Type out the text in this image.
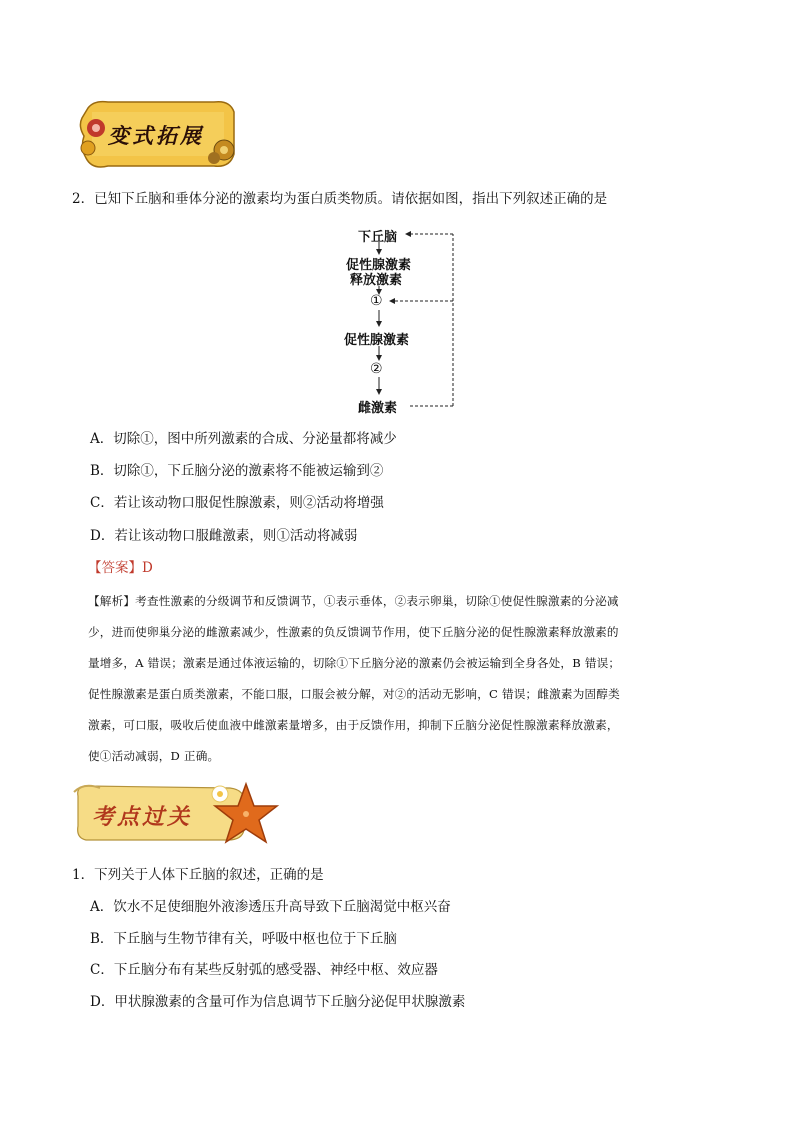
变式拓展
2．已知下丘脑和垂体分泌的激素均为蛋白质类物质。请依据如图，指出下列叙述正确的是
下丘脑
促性腺激素
释放激素
①
促性腺激素
②
雌激素
A．切除①，图中所列激素的合成、分泌量都将减少
B．切除①，下丘脑分泌的激素将不能被运输到②
C．若让该动物口服促性腺激素，则②活动将增强
D．若让该动物口服雌激素，则①活动将减弱
【答案】D
【解析】考查性激素的分级调节和反馈调节，①表示垂体，②表示卵巢，切除①使促性腺激素的分泌减
少，进而使卵巢分泌的雌激素减少，性激素的负反馈调节作用，使下丘脑分泌的促性腺激素释放激素的
量增多，A 错误；激素是通过体液运输的，切除①下丘脑分泌的激素仍会被运输到全身各处，B 错误；
促性腺激素是蛋白质类激素，不能口服，口服会被分解，对②的活动无影响，C 错误；雌激素为固醇类
激素，可口服，吸收后使血液中雌激素量增多，由于反馈作用，抑制下丘脑分泌促性腺激素释放激素，
使①活动减弱，D 正确。
考点过关
1．下列关于人体下丘脑的叙述，正确的是
A．饮水不足使细胞外液渗透压升高导致下丘脑渴觉中枢兴奋
B．下丘脑与生物节律有关，呼吸中枢也位于下丘脑
C．下丘脑分布有某些反射弧的感受器、神经中枢、效应器
D．甲状腺激素的含量可作为信息调节下丘脑分泌促甲状腺激素
